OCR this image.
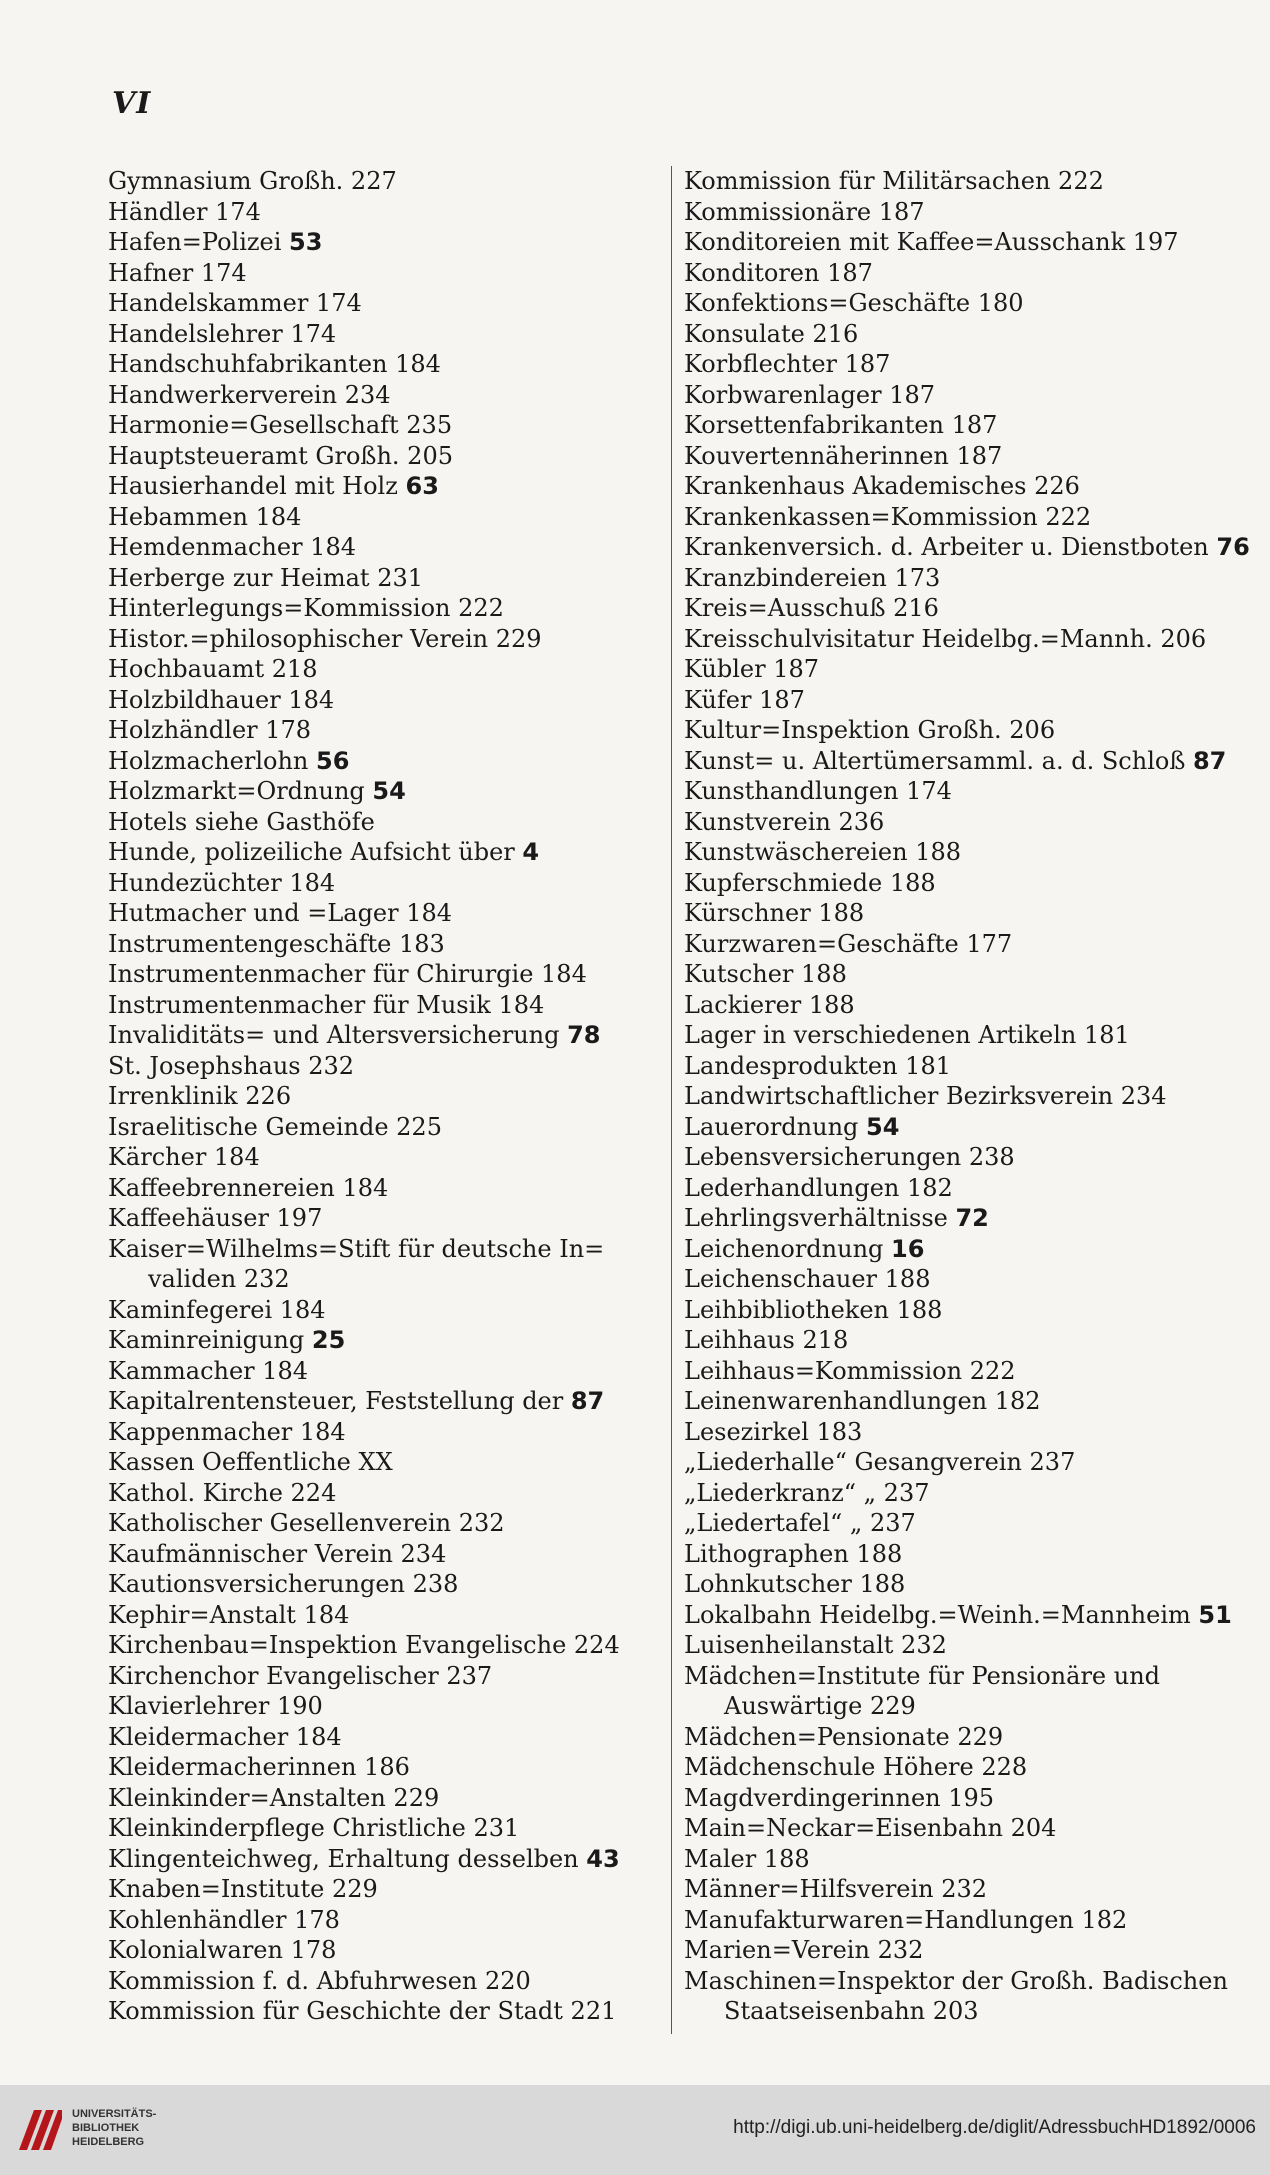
VI

Gymnasium Großh. 227

Händler 174

Hafen=Polizei 53

Hafner 174

Handelskammer 174

Handelslehrer 174

Handschuhfabrikanten 184

Handwerkerverein 234

Harmonie=Gesellschaft 235

Hauptsteueramt Großh. 205

Hausierhandel mit Holz 63

Hebammen 184

Hemdenmacher 184

Herberge zur Heimat 231

Hinterlegungs=Kommission 222

Histor.=philosophischer Verein 229

Hochbauamt 218

Holzbildhauer 184

Holzhändler 178

Holzmacherlohn 56

Holzmarkt=Ordnung 54

Hotels siehe Gasthöfe

Hunde, polizeiliche Aufsicht über 4

Hundezüchter 184

Hutmacher und =Lager 184

Instrumentengeschäfte 183

Instrumentenmacher für Chirurgie 184

Instrumentenmacher für Musik 184

Invaliditäts= und Altersversicherung 78

St. Josephshaus 232

Irrenklinik 226

Israelitische Gemeinde 225

Kärcher 184

Kaffeebrennereien 184

Kaffeehäuser 197

Kaiser=Wilhelms=Stift für deutsche In=

validen 232

Kaminfegerei 184

Kaminreinigung 25

Kammacher 184

Kapitalrentensteuer, Feststellung der 87

Kappenmacher 184

Kassen Oeffentliche XX

Kathol. Kirche 224

Katholischer Gesellenverein 232

Kaufmännischer Verein 234

Kautionsversicherungen 238

Kephir=Anstalt 184

Kirchenbau=Inspektion Evangelische 224

Kirchenchor Evangelischer 237

Klavierlehrer 190

Kleidermacher 184

Kleidermacherinnen 186

Kleinkinder=Anstalten 229

Kleinkinderpflege Christliche 231

Klingenteichweg, Erhaltung desselben 43

Knaben=Institute 229

Kohlenhändler 178

Kolonialwaren 178

Kommission f. d. Abfuhrwesen 220

Kommission für Geschichte der Stadt 221

Kommission für Militärsachen 222

Kommissionäre 187

Konditoreien mit Kaffee=Ausschank 197

Konditoren 187

Konfektions=Geschäfte 180

Konsulate 216

Korbflechter 187

Korbwarenlager 187

Korsettenfabrikanten 187

Kouvertennäherinnen 187

Krankenhaus Akademisches 226

Krankenkassen=Kommission 222

Krankenversich. d. Arbeiter u. Dienstboten 76

Kranzbindereien 173

Kreis=Ausschuß 216

Kreisschulvisitatur Heidelbg.=Mannh. 206

Kübler 187

Küfer 187

Kultur=Inspektion Großh. 206

Kunst= u. Altertümersamml. a. d. Schloß 87

Kunsthandlungen 174

Kunstverein 236

Kunstwäschereien 188

Kupferschmiede 188

Kürschner 188

Kurzwaren=Geschäfte 177

Kutscher 188

Lackierer 188

Lager in verschiedenen Artikeln 181

Landesprodukten 181

Landwirtschaftlicher Bezirksverein 234

Lauerordnung 54

Lebensversicherungen 238

Lederhandlungen 182

Lehrlingsverhältnisse 72

Leichenordnung 16

Leichenschauer 188

Leihbibliotheken 188

Leihhaus 218

Leihhaus=Kommission 222

Leinenwarenhandlungen 182

Lesezirkel 183

„Liederhalle“ Gesangverein 237

„Liederkranz“ „ 237

„Liedertafel“ „ 237

Lithographen 188

Lohnkutscher 188

Lokalbahn Heidelbg.=Weinh.=Mannheim 51

Luisenheilanstalt 232

Mädchen=Institute für Pensionäre und

Auswärtige 229

Mädchen=Pensionate 229

Mädchenschule Höhere 228

Magdverdingerinnen 195

Main=Neckar=Eisenbahn 204

Maler 188

Männer=Hilfsverein 232

Manufakturwaren=Handlungen 182

Marien=Verein 232

Maschinen=Inspektor der Großh. Badischen

Staatseisenbahn 203

UNIVERSITÄTS-
BIBLIOTHEK
HEIDELBERG
http://digi.ub.uni-heidelberg.de/diglit/AdressbuchHD1892/0006
